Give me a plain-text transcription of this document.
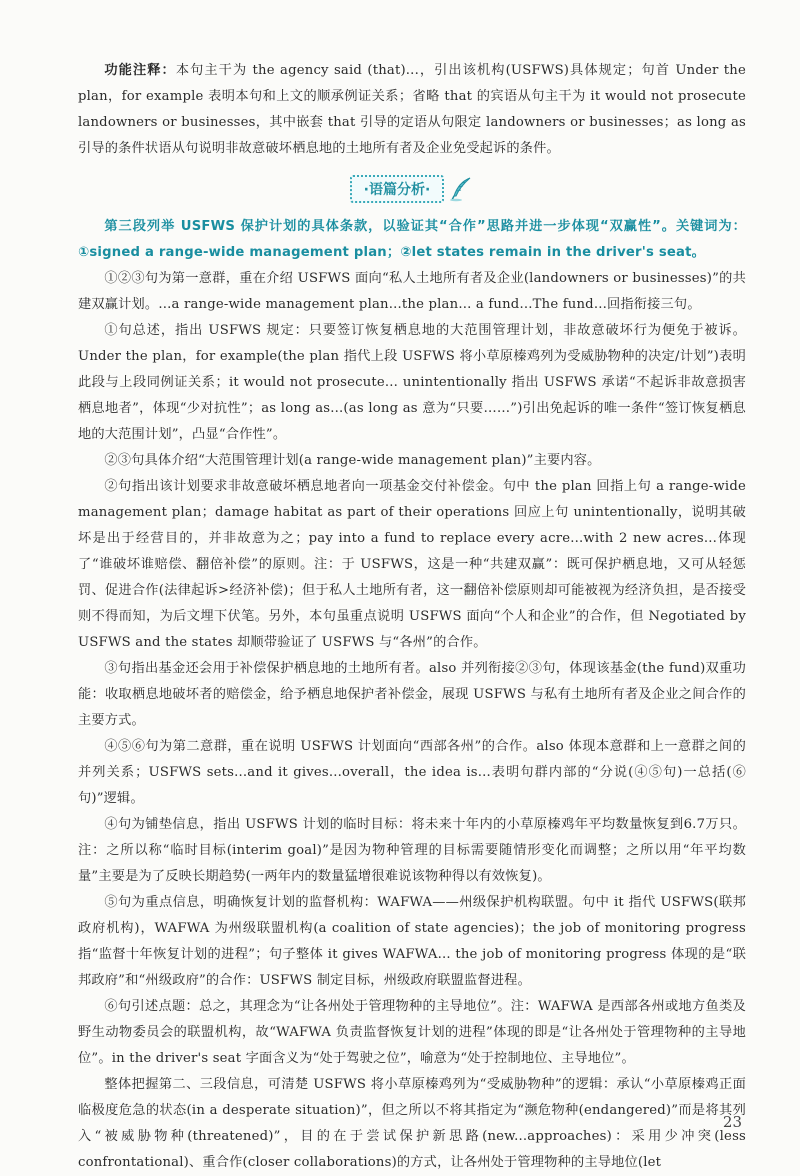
功能注释：本句主干为 the agency said (that)...，引出该机构(USFWS)具体规定；句首 Under the plan，for example 表明本句和上文的顺承例证关系；省略 that 的宾语从句主干为 it would not prosecute landowners or businesses，其中嵌套 that 引导的定语从句限定 landowners or businesses；as long as 引导的条件状语从句说明非故意破坏栖息地的土地所有者及企业免受起诉的条件。

·语篇分析·

第三段列举 USFWS 保护计划的具体条款，以验证其“合作”思路并进一步体现“双赢性”。关键词为：①signed a range-wide management plan；②let states remain in the driver's seat。

①②③句为第一意群，重在介绍 USFWS 面向“私人土地所有者及企业(landowners or businesses)”的共建双赢计划。...a range-wide management plan...the plan... a fund...The fund...回指衔接三句。

①句总述，指出 USFWS 规定：只要签订恢复栖息地的大范围管理计划，非故意破坏行为便免于被诉。Under the plan，for example(the plan 指代上段 USFWS 将小草原榛鸡列为受威胁物种的决定/计划”)表明此段与上段同例证关系；it would not prosecute... unintentionally 指出 USFWS 承诺“不起诉非故意损害栖息地者”，体现“少对抗性”；as long as...(as long as 意为“只要……”)引出免起诉的唯一条件“签订恢复栖息地的大范围计划”，凸显“合作性”。

②③句具体介绍“大范围管理计划(a range-wide management plan)”主要内容。

②句指出该计划要求非故意破坏栖息地者向一项基金交付补偿金。句中 the plan 回指上句 a range-wide management plan；damage habitat as part of their operations 回应上句 unintentionally，说明其破坏是出于经营目的，并非故意为之；pay into a fund to replace every acre...with 2 new acres...体现了“谁破坏谁赔偿、翻倍补偿”的原则。注：于 USFWS，这是一种“共建双赢”：既可保护栖息地，又可从轻惩罚、促进合作(法律起诉>经济补偿)；但于私人土地所有者，这一翻倍补偿原则却可能被视为经济负担，是否接受则不得而知，为后文埋下伏笔。另外，本句虽重点说明 USFWS 面向“个人和企业”的合作，但 Negotiated by USFWS and the states 却顺带验证了 USFWS 与“各州”的合作。

③句指出基金还会用于补偿保护栖息地的土地所有者。also 并列衔接②③句，体现该基金(the fund)双重功能：收取栖息地破坏者的赔偿金，给予栖息地保护者补偿金，展现 USFWS 与私有土地所有者及企业之间合作的主要方式。

④⑤⑥句为第二意群，重在说明 USFWS 计划面向“西部各州”的合作。also 体现本意群和上一意群之间的并列关系；USFWS sets...and it gives...overall，the idea is...表明句群内部的“分说(④⑤句)一总括(⑥句)”逻辑。

④句为铺垫信息，指出 USFWS 计划的临时目标：将未来十年内的小草原榛鸡年平均数量恢复到6.7万只。注：之所以称“临时目标(interim goal)”是因为物种管理的目标需要随情形变化而调整；之所以用“年平均数量”主要是为了反映长期趋势(一两年内的数量猛增很难说该物种得以有效恢复)。

⑤句为重点信息，明确恢复计划的监督机构：WAFWA——州级保护机构联盟。句中 it 指代 USFWS(联邦政府机构)，WAFWA 为州级联盟机构(a coalition of state agencies)；the job of monitoring progress 指“监督十年恢复计划的进程”；句子整体 it gives WAFWA... the job of monitoring progress 体现的是“联邦政府”和“州级政府”的合作：USFWS 制定目标，州级政府联盟监督进程。

⑥句引述点题：总之，其理念为“让各州处于管理物种的主导地位”。注：WAFWA 是西部各州或地方鱼类及野生动物委员会的联盟机构，故“WAFWA 负责监督恢复计划的进程”体现的即是“让各州处于管理物种的主导地位”。in the driver's seat 字面含义为“处于驾驶之位”，喻意为“处于控制地位、主导地位”。

整体把握第二、三段信息，可清楚 USFWS 将小草原榛鸡列为“受威胁物种”的逻辑：承认“小草原榛鸡正面临极度危急的状态(in a desperate situation)”，但之所以不将其指定为“濒危物种(endangered)”而是将其列入“被威胁物种(threatened)”，目的在于尝试保护新思路(new...approaches)：采用少冲突(less confrontational)、重合作(closer collaborations)的方式，让各州处于管理物种的主导地位(let

23
